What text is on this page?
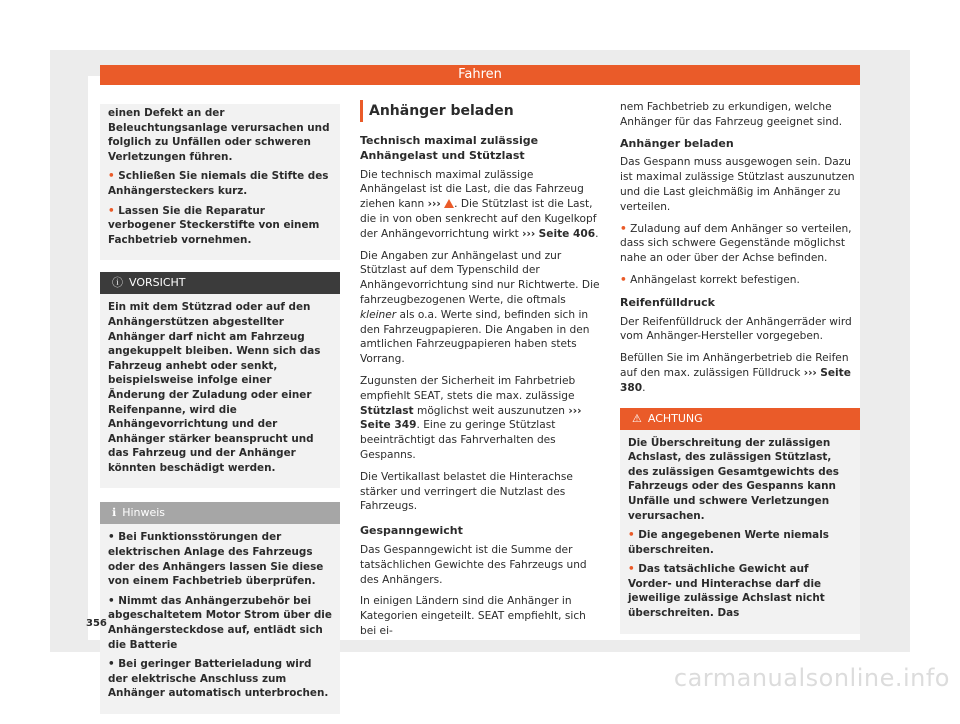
Fahren

einen Defekt an der Beleuchtungsanlage verursachen und folglich zu Unfällen oder schweren Verletzungen führen.

• Schließen Sie niemals die Stifte des Anhängersteckers kurz.

• Lassen Sie die Reparatur verbogener Steckerstifte von einem Fachbetrieb vornehmen.

ⓘ VORSICHT

Ein mit dem Stützrad oder auf den Anhängerstützen abgestellter Anhänger darf nicht am Fahrzeug angekuppelt bleiben. Wenn sich das Fahrzeug anhebt oder senkt, beispielsweise infolge einer Änderung der Zuladung oder einer Reifenpanne, wird die Anhängevorrichtung und der Anhänger stärker beansprucht und das Fahrzeug und der Anhänger könnten beschädigt werden.

ℹ Hinweis

• Bei Funktionsstörungen der elektrischen Anlage des Fahrzeugs oder des Anhängers lassen Sie diese von einem Fachbetrieb überprüfen.

• Nimmt das Anhängerzubehör bei abgeschaltetem Motor Strom über die Anhängersteckdose auf, entlädt sich die Batterie

• Bei geringer Batterieladung wird der elektrische Anschluss zum Anhänger automatisch unterbrochen.

Anhänger beladen

Technisch maximal zulässige Anhängelast und Stützlast

Die technisch maximal zulässige Anhängelast ist die Last, die das Fahrzeug ziehen kann ››› . Die Stützlast ist die Last, die in von oben senkrecht auf den Kugelkopf der Anhängevorrichtung wirkt ››› Seite 406.

Die Angaben zur Anhängelast und zur Stützlast auf dem Typenschild der Anhängevorrichtung sind nur Richtwerte. Die fahrzeugbezogenen Werte, die oftmals kleiner als o.a. Werte sind, befinden sich in den Fahrzeugpapieren. Die Angaben in den amtlichen Fahrzeugpapieren haben stets Vorrang.

Zugunsten der Sicherheit im Fahrbetrieb empfiehlt SEAT, stets die max. zulässige Stützlast möglichst weit auszunutzen ››› Seite 349. Eine zu geringe Stützlast beeinträchtigt das Fahrverhalten des Gespanns.

Die Vertikallast belastet die Hinterachse stärker und verringert die Nutzlast des Fahrzeugs.

Gespanngewicht

Das Gespanngewicht ist die Summe der tatsächlichen Gewichte des Fahrzeugs und des Anhängers.

In einigen Ländern sind die Anhänger in Kategorien eingeteilt. SEAT empfiehlt, sich bei ei-

nem Fachbetrieb zu erkundigen, welche Anhänger für das Fahrzeug geeignet sind.

Anhänger beladen

Das Gespann muss ausgewogen sein. Dazu ist maximal zulässige Stützlast auszunutzen und die Last gleichmäßig im Anhänger zu verteilen.

• Zuladung auf dem Anhänger so verteilen, dass sich schwere Gegenstände möglichst nahe an oder über der Achse befinden.

• Anhängelast korrekt befestigen.

Reifenfülldruck

Der Reifenfülldruck der Anhängerräder wird vom Anhänger-Hersteller vorgegeben.

Befüllen Sie im Anhängerbetrieb die Reifen auf den max. zulässigen Fülldruck ››› Seite 380.

⚠ ACHTUNG

Die Überschreitung der zulässigen Achslast, des zulässigen Stützlast, des zulässigen Gesamtgewichts des Fahrzeugs oder des Gespanns kann Unfälle und schwere Verletzungen verursachen.

• Die angegebenen Werte niemals überschreiten.

• Das tatsächliche Gewicht auf Vorder- und Hinterachse darf die jeweilige zulässige Achslast nicht überschreiten. Das

356
carmanualsonline.info
